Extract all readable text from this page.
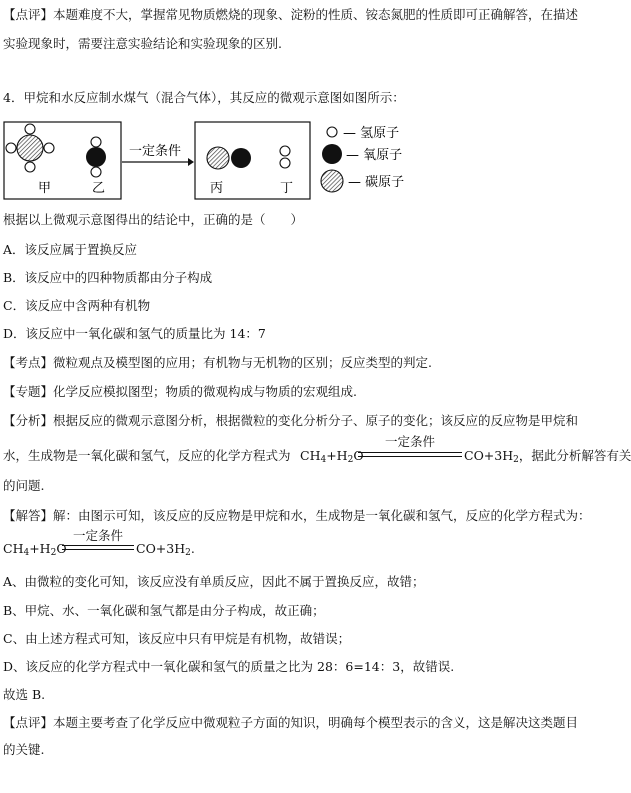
【点评】本题难度不大，掌握常见物质燃烧的现象、淀粉的性质、铵态氮肥的性质即可正确解答，在描述
实验现象时，需要注意实验结论和实验现象的区别.
4．甲烷和水反应制水煤气（混合气体），其反应的微观示意图如图所示：
甲	乙
一定条件
丙	丁
— 氢原子
— 氧原子
— 碳原子
根据以上微观示意图得出的结论中，正确的是（　　）
A．该反应属于置换反应
B．该反应中的四种物质都由分子构成
C．该反应中含两种有机物
D．该反应中一氧化碳和氢气的质量比为 14：7
【考点】微粒观点及模型图的应用；有机物与无机物的区别；反应类型的判定.
【专题】化学反应模拟图型；物质的微观构成与物质的宏观组成.
【分析】根据反应的微观示意图分析，根据微粒的变化分析分子、原子的变化；该反应的反应物是甲烷和
水，生成物是一氧化碳和氢气，反应的化学方程式为 $CH_4+H_2O$
一定条件
$CO+3H_2$，据此分析解答有关
的问题.
【解答】解：由图示可知，该反应的反应物是甲烷和水，生成物是一氧化碳和氢气，反应的化学方程式为：
$CH_4+H_2O$
一定条件
$CO+3H_2$.
A、由微粒的变化可知，该反应没有单质反应，因此不属于置换反应，故错；
B、甲烷、水、一氧化碳和氢气都是由分子构成，故正确；
C、由上述方程式可知，该反应中只有甲烷是有机物，故错误；
D、该反应的化学方程式中一氧化碳和氢气的质量之比为 28：6=14：3，故错误.
故选 B.
【点评】本题主要考查了化学反应中微观粒子方面的知识，明确每个模型表示的含义，这是解决这类题目
的关键.
